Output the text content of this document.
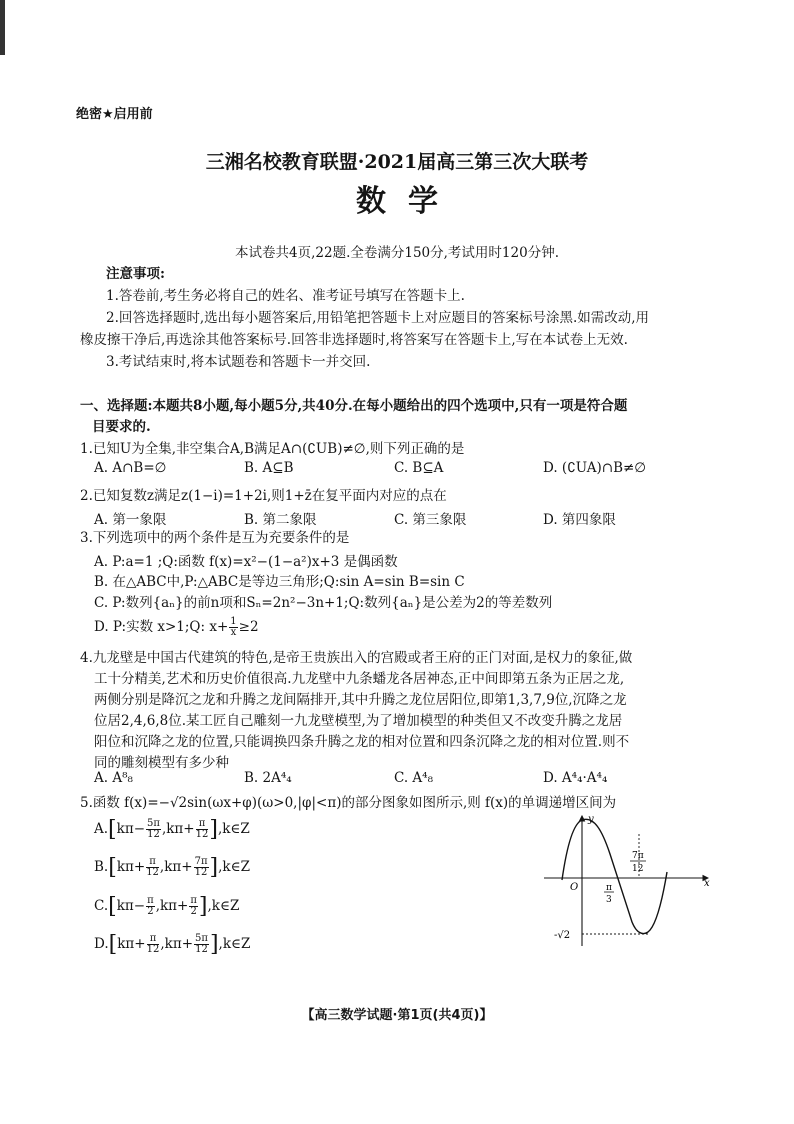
绝密★启用前
三湘名校教育联盟·2021届高三第三次大联考
数学
本试卷共4页,22题.全卷满分150分,考试用时120分钟.
注意事项:
1.答卷前,考生务必将自己的姓名、准考证号填写在答题卡上.
2.回答选择题时,选出每小题答案后,用铅笔把答题卡上对应题目的答案标号涂黑.如需改动,用
橡皮擦干净后,再选涂其他答案标号.回答非选择题时,将答案写在答题卡上,写在本试卷上无效.
3.考试结束时,将本试题卷和答题卡一并交回.
一、选择题:本题共8小题,每小题5分,共40分.在每小题给出的四个选项中,只有一项是符合题
目要求的.
1.已知U为全集,非空集合A,B满足A∩(∁UB)≠∅,则下列正确的是
A. A∩B=∅	B. A⊆B	C. B⊆A	D. (∁UA)∩B≠∅
2.已知复数z满足z(1−i)=1+2i,则1+z̄在复平面内对应的点在
A. 第一象限	B. 第二象限	C. 第三象限	D. 第四象限
3.下列选项中的两个条件是互为充要条件的是
A. P:a=1 ;Q:函数 f(x)=x²−(1−a²)x+3 是偶函数
B. 在△ABC中,P:△ABC是等边三角形;Q:sin A=sin B=sin C
C. P:数列{aₙ}的前n项和Sₙ=2n²−3n+1;Q:数列{aₙ}是公差为2的等差数列
D. P:实数 x>1;Q: $x+ \frac{1}{x} \ge 2$
4.九龙壁是中国古代建筑的特色,是帝王贵族出入的宫殿或者王府的正门对面,是权力的象征,做
工十分精美,艺术和历史价值很高.九龙壁中九条蟠龙各居神态,正中间即第五条为正居之龙,
两侧分别是降沉之龙和升腾之龙间隔排开,其中升腾之龙位居阳位,即第1,3,7,9位,沉降之龙
位居2,4,6,8位.某工匠自己雕刻一九龙壁模型,为了增加模型的种类但又不改变升腾之龙居
阳位和沉降之龙的位置,只能调换四条升腾之龙的相对位置和四条沉降之龙的相对位置.则不
同的雕刻模型有多少种
A. A⁸₈	B. 2A⁴₄	C. A⁴₈	D. A⁴₄·A⁴₄
5.函数 f(x)=−√2sin(ωx+φ)(ω>0,|φ|<π)的部分图象如图所示,则 f(x)的单调递增区间为
$A.[k\pi- \frac{5\pi}{12} ,k\pi+ \frac{\pi}{12}$ ],k∈Z
$B.[k\pi+ \frac{\pi}{12} ,k\pi+ \frac{7\pi}{12}$ ],k∈Z
$C.[k\pi- \frac{\pi}{2} ,k\pi+ \frac{\pi}{2}$ ],k∈Z
$D.[k\pi+ \frac{\pi}{12} ,k\pi+ \frac{5\pi}{12}$ ],k∈Z
y
x
O
7π
12
π
3
-√2
【高三数学试题·第1页(共4页)】
